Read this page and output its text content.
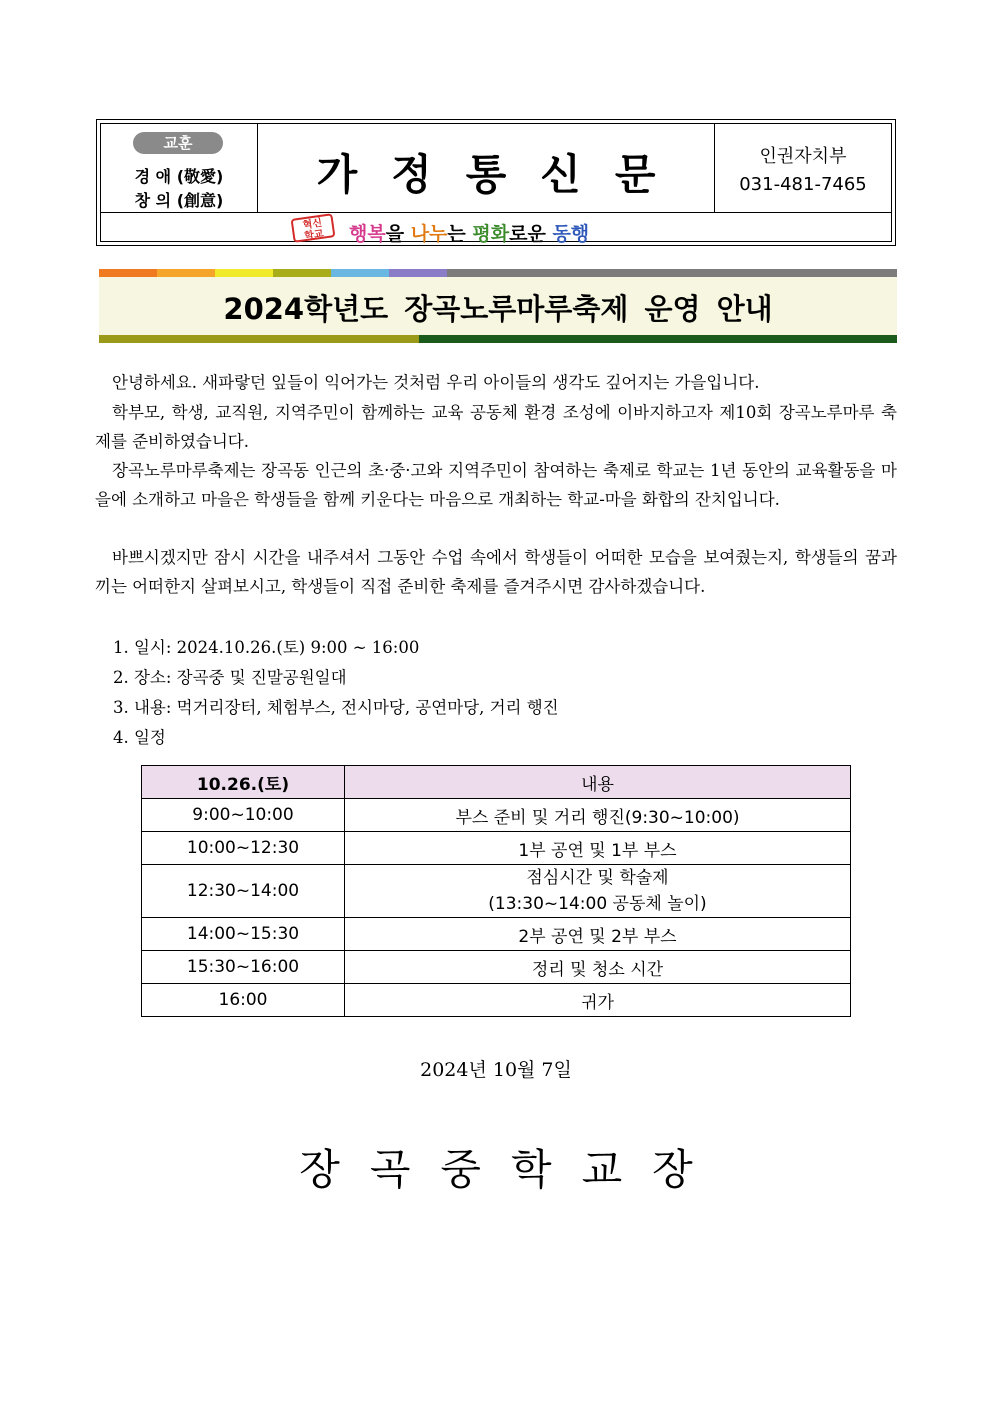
교훈
경 애 (敬愛)
창 의 (創意)
가정통신문	인권자치부
031-481-7465
혁신
학교	행복을 나누는 평화로운 동행
2024학년도 장곡노루마루축제 운영 안내
안녕하세요. 새파랗던 잎들이 익어가는 것처럼 우리 아이들의 생각도 깊어지는 가을입니다.
학부모, 학생, 교직원, 지역주민이 함께하는 교육 공동체 환경 조성에 이바지하고자 제10회 장곡노루마루 축제를 준비하였습니다.
장곡노루마루축제는 장곡동 인근의 초·중·고와 지역주민이 참여하는 축제로 학교는 1년 동안의 교육활동을 마을에 소개하고 마을은 학생들을 함께 키운다는 마음으로 개최하는 학교-마을 화합의 잔치입니다.
바쁘시겠지만 잠시 시간을 내주셔서 그동안 수업 속에서 학생들이 어떠한 모습을 보여줬는지, 학생들의 꿈과 끼는 어떠한지 살펴보시고, 학생들이 직접 준비한 축제를 즐겨주시면 감사하겠습니다.
1. 일시: 2024.10.26.(토) 9:00 ~ 16:00
2. 장소: 장곡중 및 진말공원일대
3. 내용: 먹거리장터, 체험부스, 전시마당, 공연마당, 거리 행진
4. 일정
10.26.(토)	내용
9:00~10:00	부스 준비 및 거리 행진(9:30~10:00)
10:00~12:30	1부 공연 및 1부 부스
12:30~14:00	점심시간 및 학술제
(13:30~14:00 공동체 놀이)

14:00~15:30	2부 공연 및 2부 부스
15:30~16:00	정리 및 청소 시간
16:00	귀가
2024년 10월 7일
장곡중학교장
